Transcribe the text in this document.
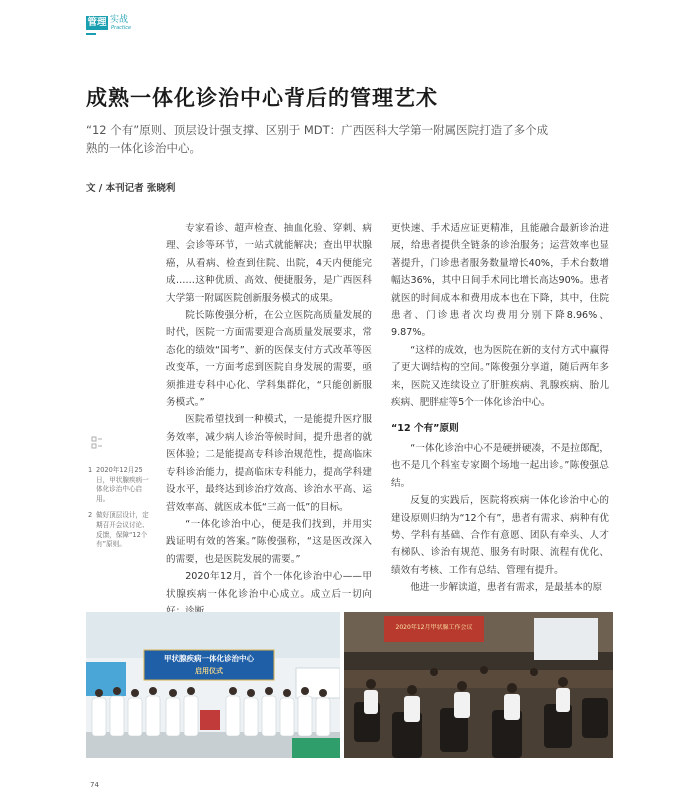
管理 实战
Practice
成熟一体化诊治中心背后的管理艺术
“12 个有”原则、顶层设计强支撑、区别于 MDT：广西医科大学第一附属医院打造了多个成熟的一体化诊治中心。
文 / 本刊记者 张晓利
1 2020年12月25日，甲状腺疾病一体化诊治中心启用。
2 做好顶层设计，定期召开会议讨论、反馈，保障“12个有”原则。

专家看诊、超声检查、抽血化验、穿刺、病理、会诊等环节，一站式就能解决；查出甲状腺癌，从看病、检查到住院、出院，4天内便能完成……这种优质、高效、便捷服务，是广西医科大学第一附属医院创新服务模式的成果。

院长陈俊强分析，在公立医院高质量发展的时代，医院一方面需要迎合高质量发展要求，常态化的绩效“国考”、新的医保支付方式改革等医改变革，一方面考虑到医院自身发展的需要，亟须推进专科中心化、学科集群化，“只能创新服务模式。”

医院希望找到一种模式，一是能提升医疗服务效率，减少病人诊治等候时间，提升患者的就医体验；二是能提高专科诊治规范性，提高临床专科诊治能力，提高临床专科能力，提高学科建设水平，最终达到诊治疗效高、诊治水平高、运营效率高、就医成本低“三高一低”的目标。

“一体化诊治中心，便是我们找到，并用实践证明有效的答案。”陈俊强称，“这是医改深入的需要，也是医院发展的需要。”

2020年12月，首个一体化诊治中心——甲状腺疾病一体化诊治中心成立。成立后一切向

更快速、手术适应证更精准，且能融合最新诊治进展，给患者提供全链条的诊治服务；运营效率也显著提升，门诊患者服务数量增长40%，手术台数增幅达36%，其中日间手术同比增长高达90%。患者就医的时间成本和费用成本也在下降，其中，住院患者、门诊患者次均费用分别下降8.96%、9.87%。

“这样的成效，也为医院在新的支付方式中赢得了更大调结构的空间。”陈俊强分享道，随后两年多来，医院又连续设立了肝脏疾病、乳腺疾病、胎儿疾病、肥胖症等5个一体化诊治中心。

“12 个有”原则

“一体化诊治中心不是硬拼硬凑，不是拉郎配，也不是几个科室专家圈个场地一起出诊。”陈俊强总结。

反复的实践后，医院将疾病一体化诊治中心的建设原则归纳为“12个有”，患者有需求、病种有优势、学科有基础、合作有意愿、团队有牵头、人才有梯队、诊治有规范、服务有时限、流程有优化、绩效有考核、工作有总结、管理有提升。

他进一步解读道，患者有需求，是最基本的原

甲状腺疾病一体化诊治中心
启用仪式
2020年12月甲状腺工作会议
74
